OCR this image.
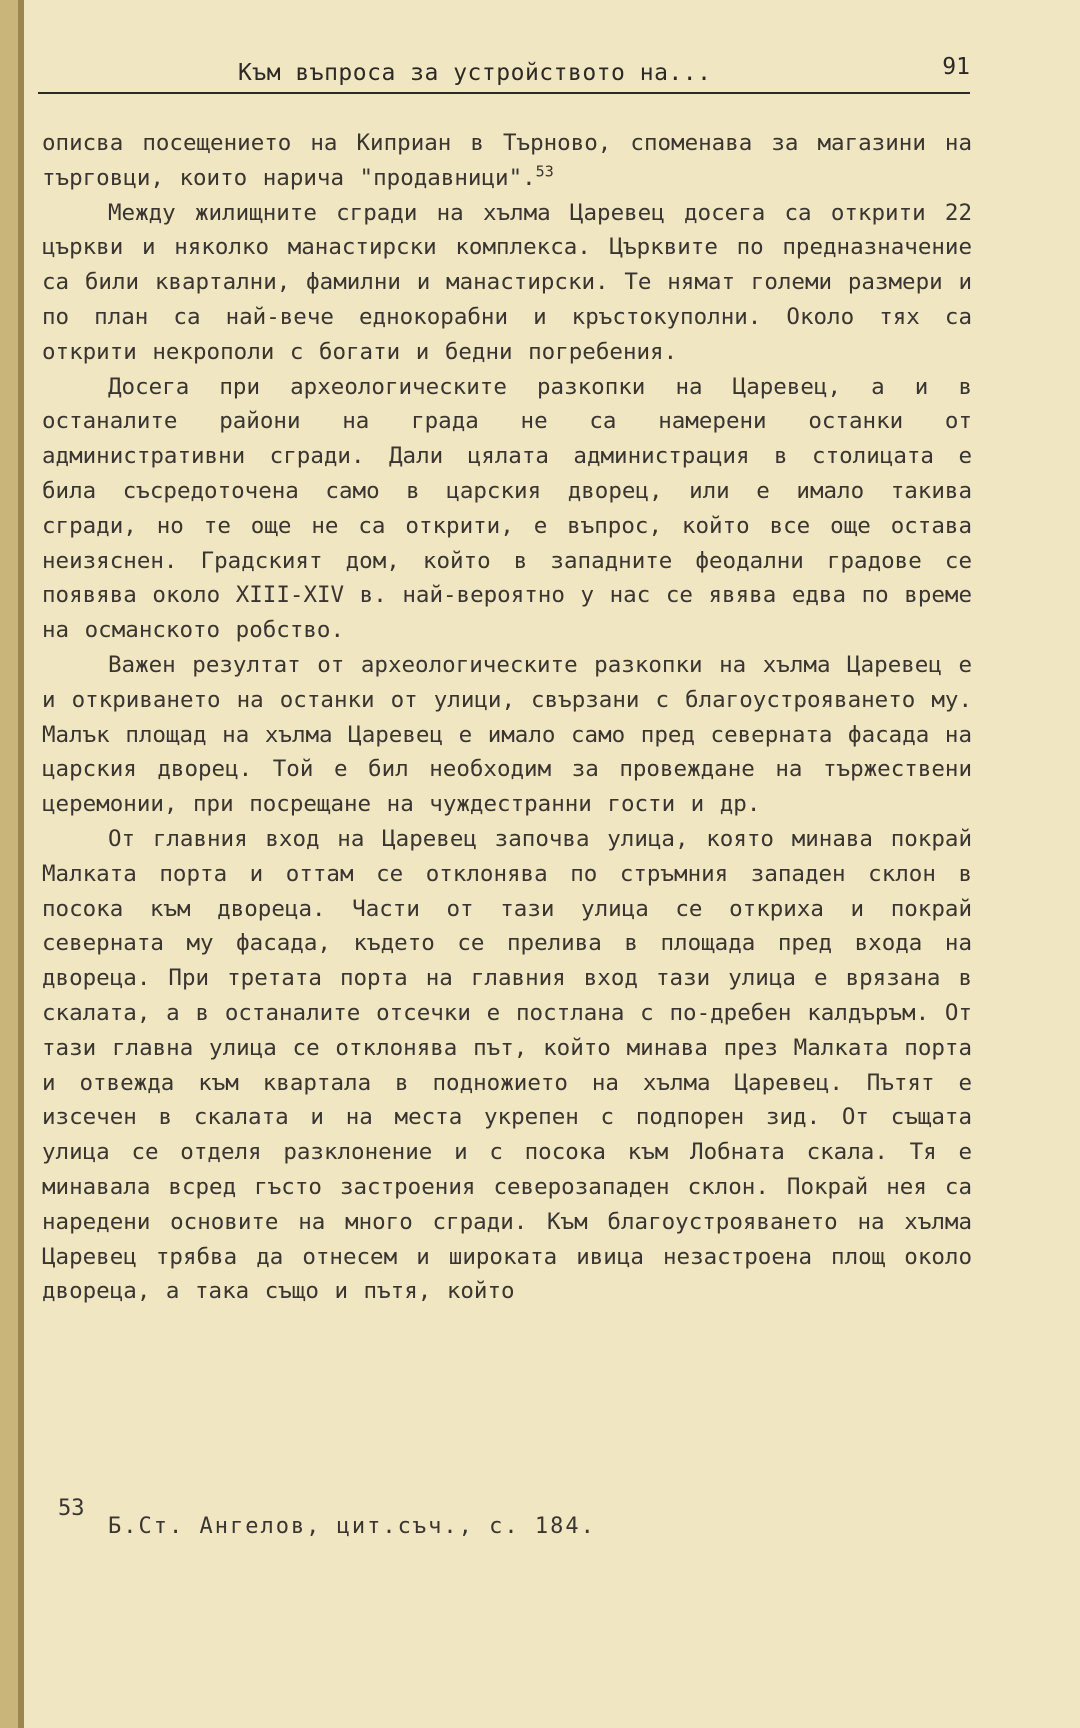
Към въпроса за устройството на...	91

описва посещението на Киприан в Търново, споменава за магазини на търговци, които нарича "продавници".$^{53}$

Между жилищните сгради на хълма Царевец досега са открити 22 църкви и няколко манастирски комплекса. Църквите по предназначение са били квартални, фамилни и манастирски. Те нямат големи размери и по план са най-вече еднокорабни и кръстокуполни. Около тях са открити некрополи с богати и бедни погребения.

Досега при археологическите разкопки на Царевец, а и в останалите райони на града не са намерени останки от административни сгради. Дали цялата администрация в столицата е била съсредоточена само в царския дворец, или е имало такива сгради, но те още не са открити, е въпрос, който все още остава неизяснен. Градският дом, който в западните феодални градове се появява около XIII-XIV в. най-вероятно у нас се явява едва по време на османското робство.

Важен резултат от археологическите разкопки на хълма Царевец е и откриването на останки от улици, свързани с благоустрояването му. Малък площад на хълма Царевец е имало само пред северната фасада на царския дворец. Той е бил необходим за провеждане на тържествени церемонии, при посрещане на чуждестранни гости и др.

От главния вход на Царевец започва улица, която минава покрай Малката порта и оттам се отклонява по стръмния западен склон в посока към двореца. Части от тази улица се откриха и покрай северната му фасада, където се прелива в площада пред входа на двореца. При третата порта на главния вход тази улица е врязана в скалата, а в останалите отсечки е постлана с по-дребен калдъръм. От тази главна улица се отклонява път, който минава през Малката порта и отвежда към квартала в подножието на хълма Царевец. Пътят е изсечен в скалата и на места укрепен с подпорен зид. От същата улица се отделя разклонение и с посока към Лобната скала. Тя е минавала всред гъсто застроения северозападен склон. Покрай нея са наредени основите на много сгради. Към благоустрояването на хълма Царевец трябва да отнесем и широката ивица незастроена площ около двореца, а така също и пътя, който

53
Б.Ст. Ангелов, цит.съч., с. 184.
